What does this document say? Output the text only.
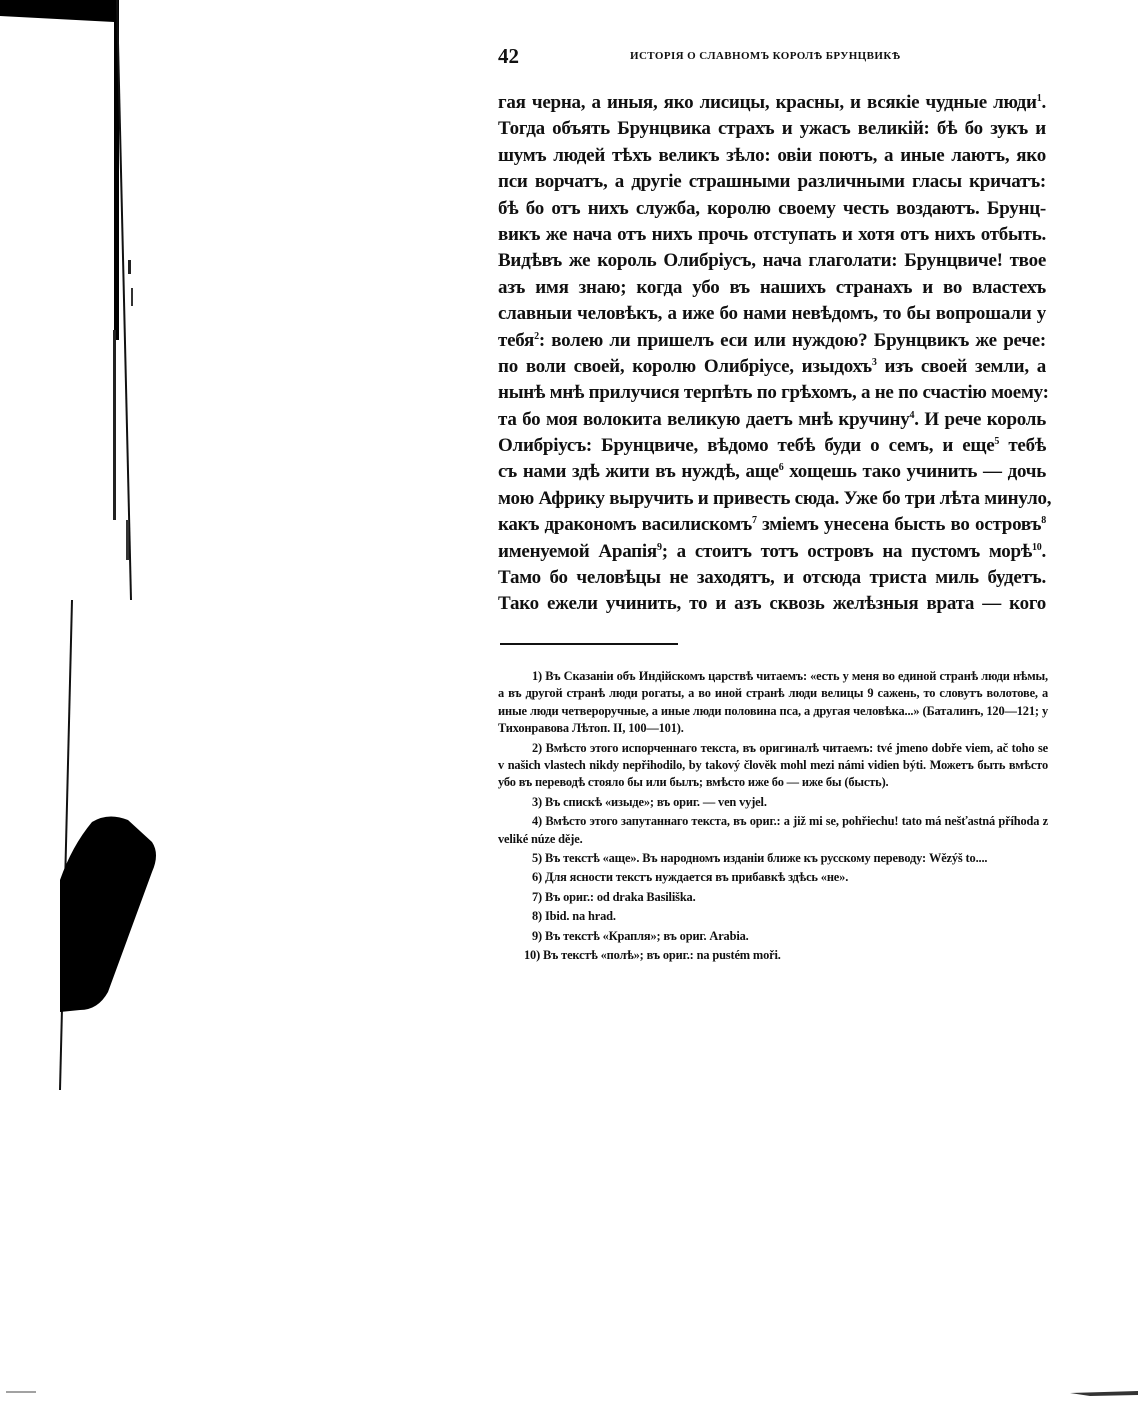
42	ИСТОРІЯ О СЛАВНОМЪ КОРОЛѢ БРУНЦВИКѢ
гая черна, а иныя, яко лисицы, красны, и всякіе чудные люди$^1$.
Тогда объять Брунцвика страхъ и ужасъ великій: бѣ бо зукъ и
шумъ людей тѣхъ великъ зѣло: овіи поютъ, а иные лаютъ, яко
пси ворчатъ, а другіе страшными различными гласы кричатъ:
бѣ бо отъ нихъ служба, королю своему честь воздаютъ. Брунц-
викъ же нача отъ нихъ прочь отступать и хотя отъ нихъ отбыть.
Видѣвъ же король Олибріусъ, нача глаголати: Брунцвиче! твое
азъ имя знаю; когда убо въ нашихъ странахъ и во властехъ
славныи человѣкъ, а иже бо нами невѣдомъ, то бы вопрошали у
тебя$^2$: волею ли пришелъ еси или нуждою? Брунцвикъ же рече:
по воли своей, королю Олибріусе, изыдохъ$^3$ изъ своей земли, а
нынѣ мнѣ прилучися терпѣть по грѣхомъ, а не по счастію моему:
та бо моя волокита великую даетъ мнѣ кручину$^4$. И рече король
Олибріусъ: Брунцвиче, вѣдомо тебѣ буди о семъ, и еще$^5$ тебѣ
съ нами здѣ жити въ нуждѣ, аще$^6$ хощешь тако учинить — дочь
мою Африку выручить и привесть сюда. Уже бо три лѣта минуло,
какъ дракономъ василискомъ$^7$ зміемъ унесена бысть во островъ$^8$
именуемой Арапія$^9$; а стоитъ тотъ островъ на пустомъ морѣ$^{10}$.
Тамо бо человѣцы не заходятъ, и отсюда триста миль будетъ.
Тако ежели учинить, то и азъ сквозь желѣзныя врата — кого
1) Въ Сказаніи объ Индійскомъ царствѣ читаемъ: «есть у меня во единой странѣ люди нѣмы, а въ другой странѣ люди рогаты, а во иной странѣ люди велицы 9 сажень, то словутъ волотове, а иные люди четвероручные, а иные люди половина пса, а другая человѣка...» (Баталинъ, 120—121; у Тихонравова Лѣтоп. II, 100—101).
2) Вмѣсто этого испорченнаго текста, въ оригиналѣ читаемъ: tvé jmeno dobře viem, ač toho se v našich vlastech nikdy nepřihodilo, by takový člověk mohl mezi námi vidien býti. Можетъ быть вмѣсто убо въ переводѣ стояло бы или былъ; вмѣсто иже бо — иже бы (бысть).
3) Въ спискѣ «изыде»; въ ориг. — ven vyjel.
4) Вмѣсто этого запутаннаго текста, въ ориг.: a již mi se, pohřiechu! tato má nešťastná příhoda z veliké núze děje.
5) Въ текстѣ «аще». Въ народномъ изданіи ближе къ русскому переводу: Wězýš to....
6) Для ясности текстъ нуждается въ прибавкѣ здѣсь «не».
7) Въ ориг.: od draka Basiliška.
8) Ibid. na hrad.
9) Въ текстѣ «Крапля»; въ ориг. Arabia.
10) Въ текстѣ «полѣ»; въ ориг.: na pustém moři.
